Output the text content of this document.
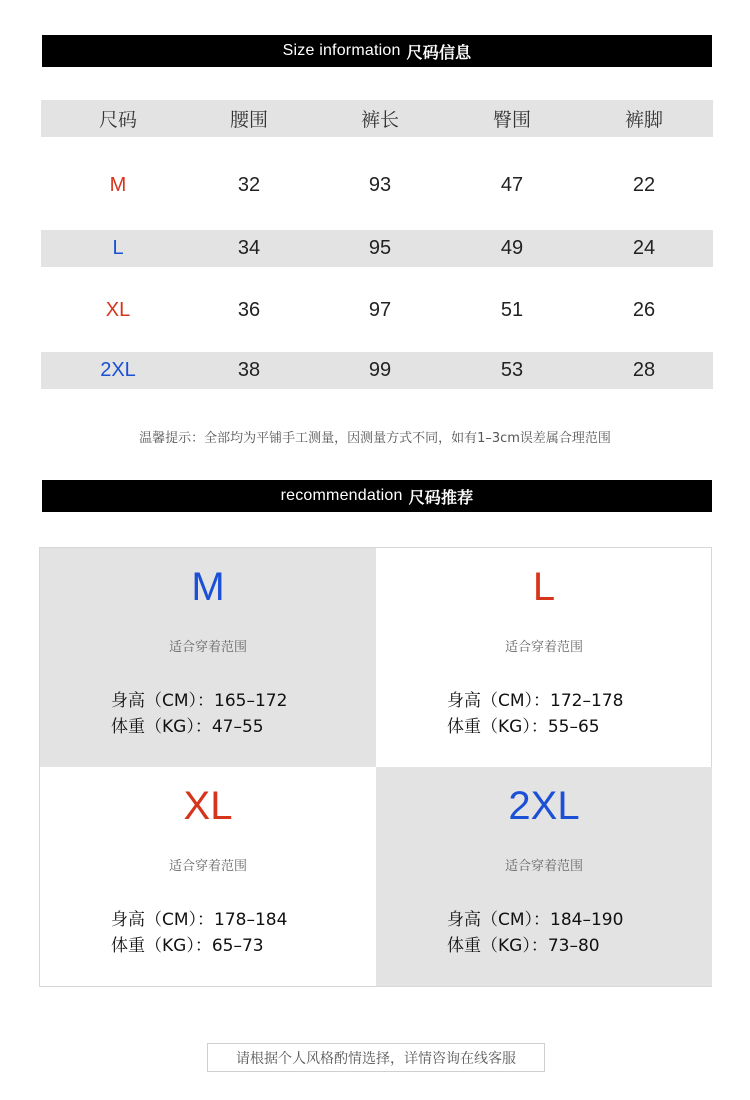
Size information 尺码信息
尺码	腰围	裤长	臀围	裤脚
M	32	93	47	22
L	34	95	49	24
XL	36	97	51	26
2XL	38	99	53	28
温馨提示：全部均为平铺手工测量，因测量方式不同，如有1–3cm误差属合理范围
recommendation 尺码推荐
M
适合穿着范围
身高（CM）：165–172
体重（KG）：47–55
L
适合穿着范围
身高（CM）：172–178
体重（KG）：55–65
XL
适合穿着范围
身高（CM）：178–184
体重（KG）：65–73
2XL
适合穿着范围
身高（CM）：184–190
体重（KG）：73–80
请根据个人风格酌情选择，详情咨询在线客服
